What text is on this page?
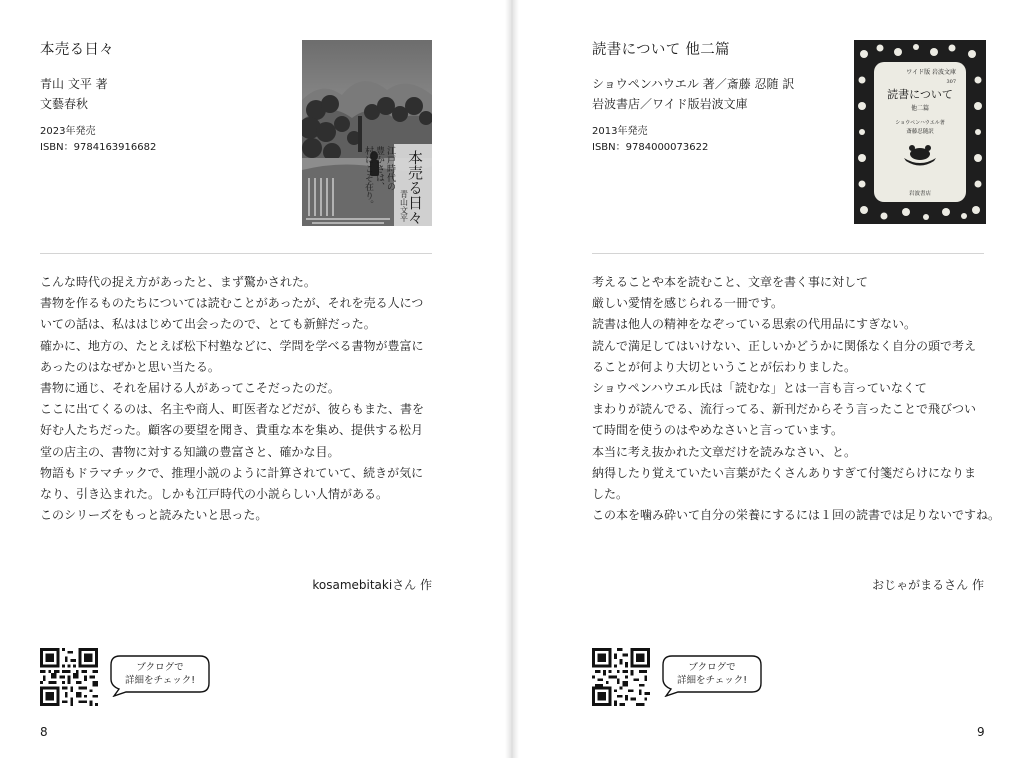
本売る日々
青山 文平 著
文藝春秋
2023年発売
ISBN：9784163916682
本売る日々
青山文平
江戸時代の
豊かさは、
村にこそ在り。

こんな時代の捉え方があったと、まず驚かされた。

書物を作るものたちについては読むことがあったが、それを売る人につ

いての話は、私ははじめて出会ったので、とても新鮮だった。

確かに、地方の、たとえば松下村塾などに、学問を学べる書物が豊富に

あったのはなぜかと思い当たる。

書物に通じ、それを届ける人があってこそだったのだ。

ここに出てくるのは、名主や商人、町医者などだが、彼らもまた、書を

好む人たちだった。顧客の要望を聞き、貴重な本を集め、提供する松月

堂の店主の、書物に対する知識の豊富さと、確かな目。

物語もドラマチックで、推理小説のように計算されていて、続きが気に

なり、引き込まれた。しかも江戸時代の小説らしい人情がある。

このシリーズをもっと読みたいと思った。

kosamebitakiさん 作
ブクログで
詳細をチェック!
8
読書について 他二篇
ショウペンハウエル 著／斎藤 忍随 訳
岩波書店／ワイド版岩波文庫
2013年発売
ISBN：9784000073622
ワイド版 岩波文庫
307
読書について
他二篇
ショウペンハウエル著
斎藤忍随訳
岩波書店

考えることや本を読むこと、文章を書く事に対して

厳しい愛情を感じられる一冊です。

読書は他人の精神をなぞっている思索の代用品にすぎない。

読んで満足してはいけない、正しいかどうかに関係なく自分の頭で考え

ることが何より大切ということが伝わりました。

ショウペンハウエル氏は「読むな」とは一言も言っていなくて

まわりが読んでる、流行ってる、新刊だからそう言ったことで飛びつい

て時間を使うのはやめなさいと言っています。

本当に考え抜かれた文章だけを読みなさい、と。

納得したり覚えていたい言葉がたくさんありすぎて付箋だらけになりま

した。

この本を噛み砕いて自分の栄養にするには１回の読書では足りないですね。

おじゃがまるさん 作
ブクログで
詳細をチェック!
9
